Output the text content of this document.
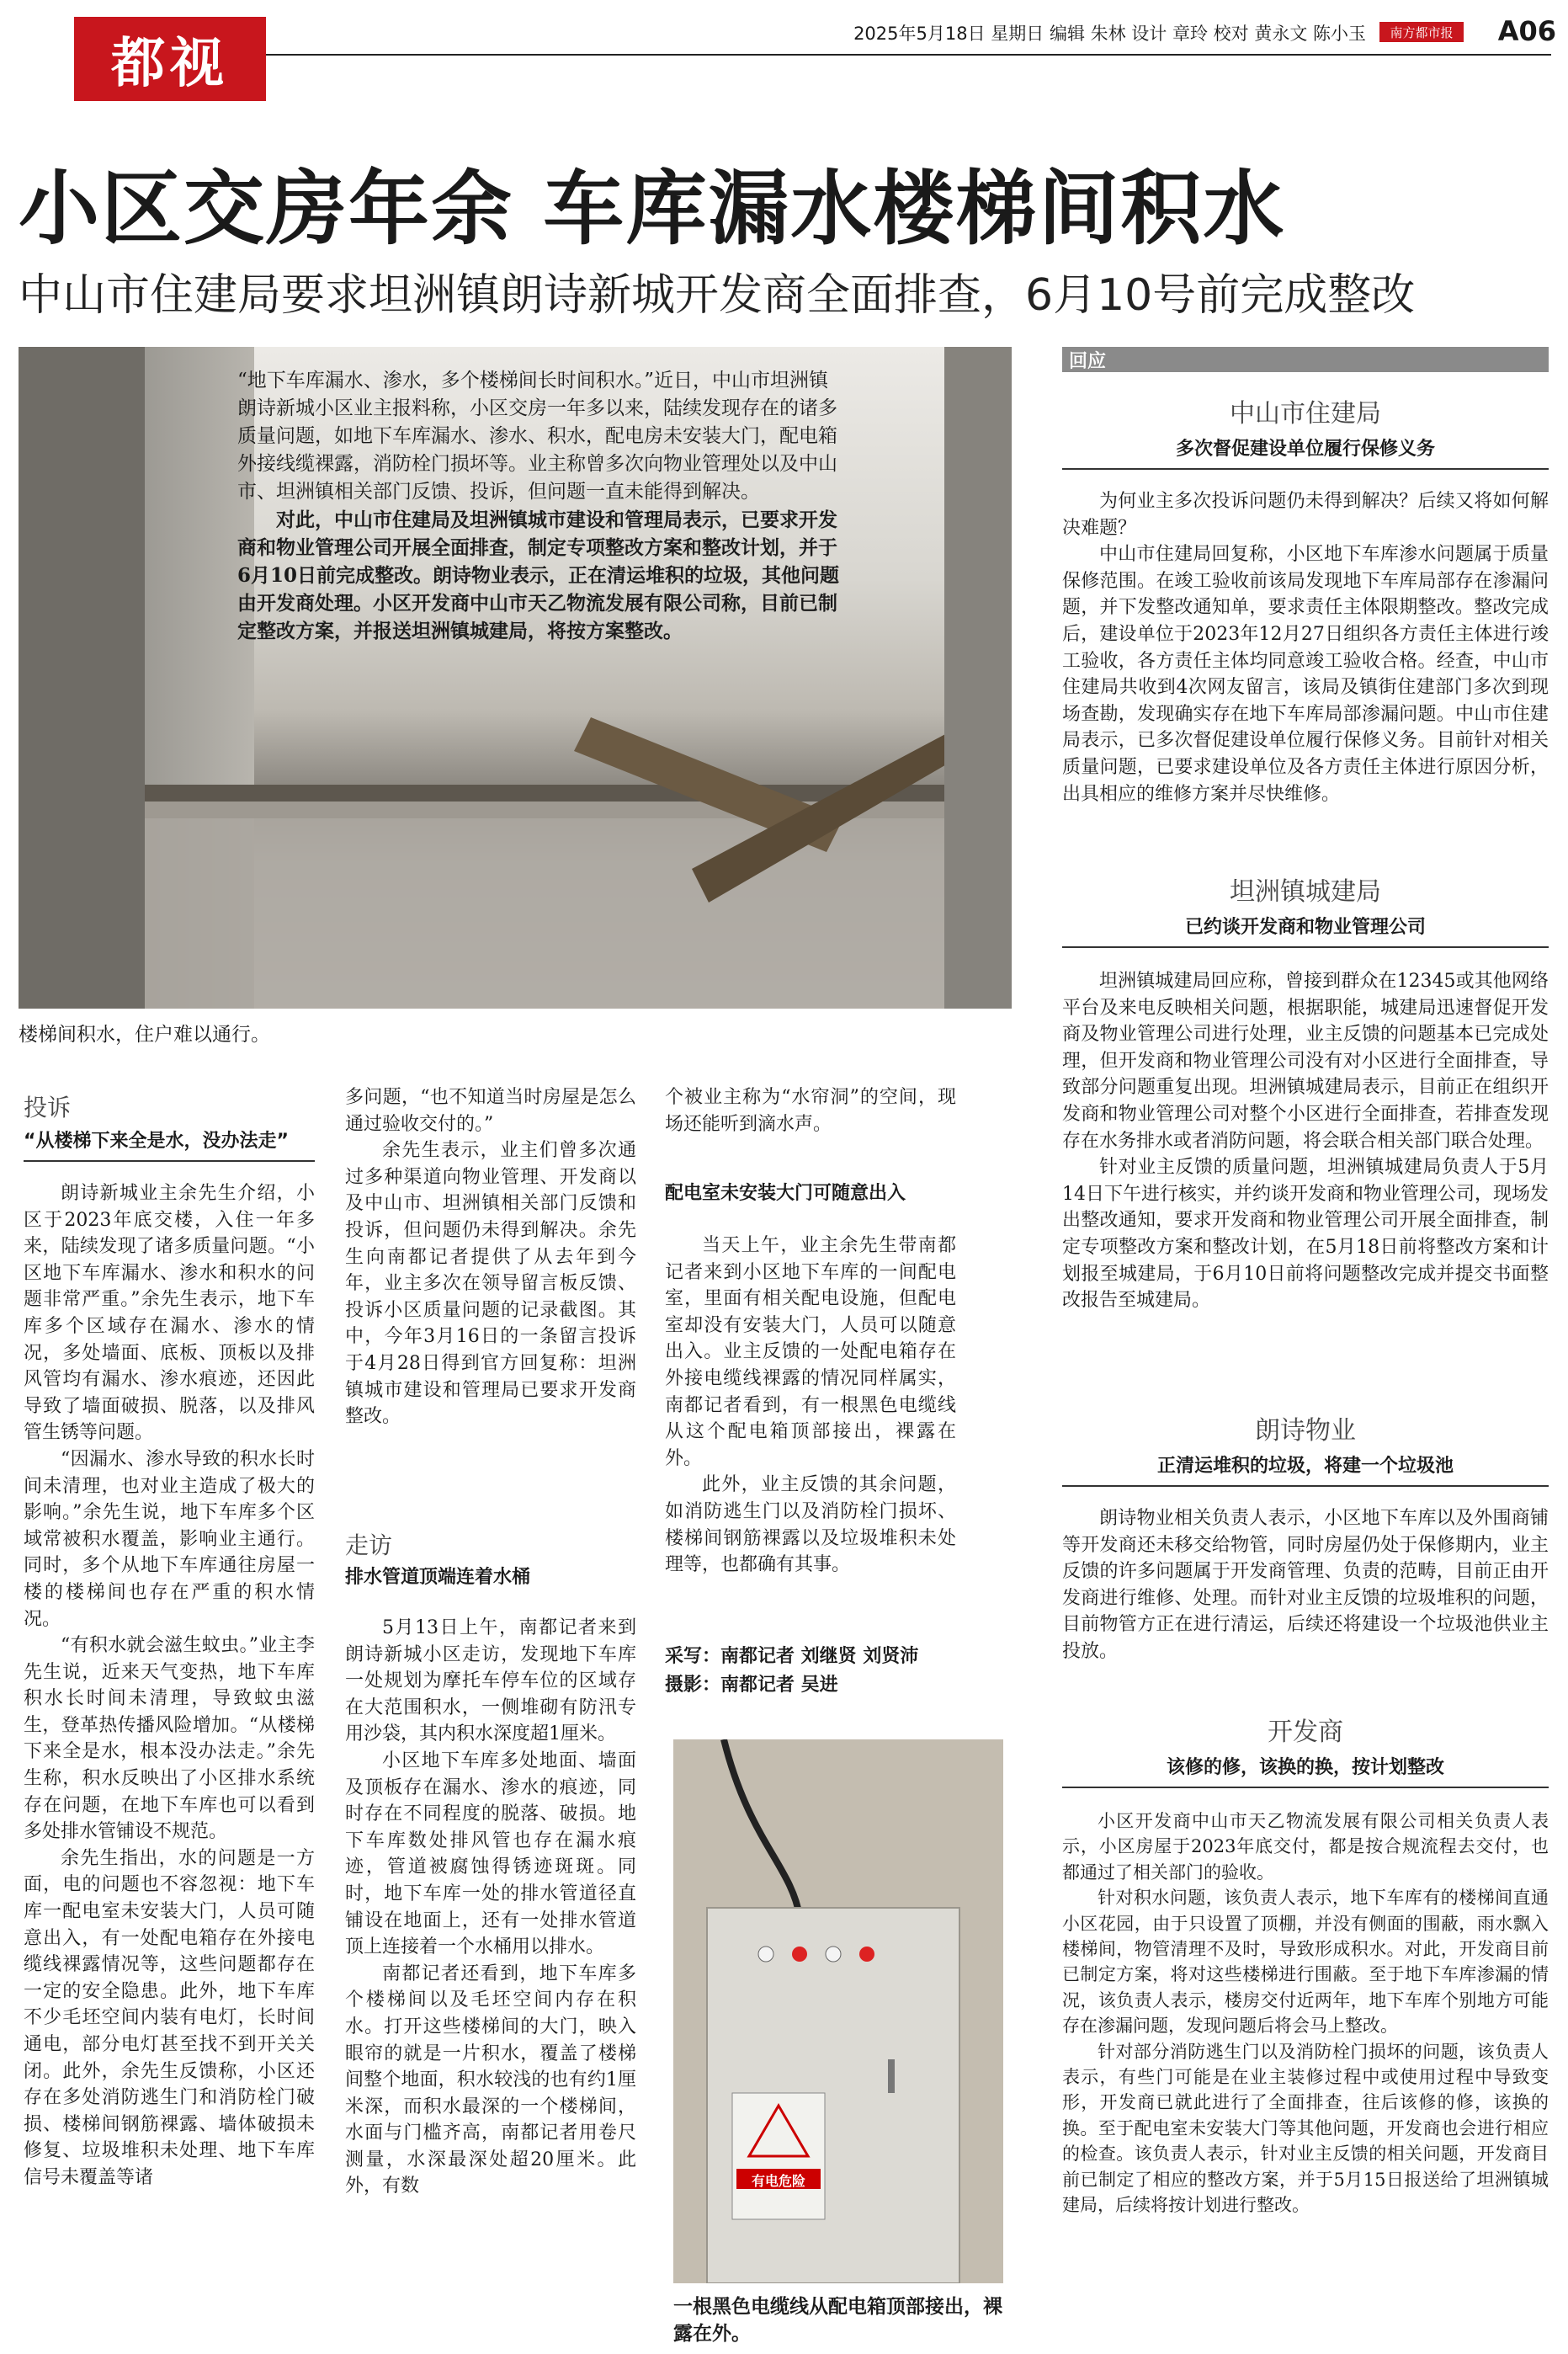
都视	2025年5月18日 星期日 编辑 朱林 设计 章玲 校对 黄永文 陈小玉	南方都市报	A06
小区交房年余 车库漏水楼梯间积水
中山市住建局要求坦洲镇朗诗新城开发商全面排查，6月10号前完成整改

“地下车库漏水、渗水，多个楼梯间长时间积水。”近日，中山市坦洲镇朗诗新城小区业主报料称，小区交房一年多以来，陆续发现存在的诸多质量问题，如地下车库漏水、渗水、积水，配电房未安装大门，配电箱外接线缆裸露，消防栓门损坏等。业主称曾多次向物业管理处以及中山市、坦洲镇相关部门反馈、投诉，但问题一直未能得到解决。

对此，中山市住建局及坦洲镇城市建设和管理局表示，已要求开发商和物业管理公司开展全面排查，制定专项整改方案和整改计划，并于6月10日前完成整改。朗诗物业表示，正在清运堆积的垃圾，其他问题由开发商处理。小区开发商中山市天乙物流发展有限公司称，目前已制定整改方案，并报送坦洲镇城建局，将按方案整改。

楼梯间积水，住户难以通行。
回应
中山市住建局
多次督促建设单位履行保修义务

为何业主多次投诉问题仍未得到解决？后续又将如何解决难题？

中山市住建局回复称，小区地下车库渗水问题属于质量保修范围。在竣工验收前该局发现地下车库局部存在渗漏问题，并下发整改通知单，要求责任主体限期整改。整改完成后，建设单位于2023年12月27日组织各方责任主体进行竣工验收，各方责任主体均同意竣工验收合格。经查，中山市住建局共收到4次网友留言，该局及镇街住建部门多次到现场查勘，发现确实存在地下车库局部渗漏问题。中山市住建局表示，已多次督促建设单位履行保修义务。目前针对相关质量问题，已要求建设单位及各方责任主体进行原因分析，出具相应的维修方案并尽快维修。

坦洲镇城建局
已约谈开发商和物业管理公司

坦洲镇城建局回应称，曾接到群众在12345或其他网络平台及来电反映相关问题，根据职能，城建局迅速督促开发商及物业管理公司进行处理，业主反馈的问题基本已完成处理，但开发商和物业管理公司没有对小区进行全面排查，导致部分问题重复出现。坦洲镇城建局表示，目前正在组织开发商和物业管理公司对整个小区进行全面排查，若排查发现存在水务排水或者消防问题，将会联合相关部门联合处理。

针对业主反馈的质量问题，坦洲镇城建局负责人于5月14日下午进行核实，并约谈开发商和物业管理公司，现场发出整改通知，要求开发商和物业管理公司开展全面排查，制定专项整改方案和整改计划，在5月18日前将整改方案和计划报至城建局，于6月10日前将问题整改完成并提交书面整改报告至城建局。

朗诗物业
正清运堆积的垃圾，将建一个垃圾池

朗诗物业相关负责人表示，小区地下车库以及外围商铺等开发商还未移交给物管，同时房屋仍处于保修期内，业主反馈的许多问题属于开发商管理、负责的范畴，目前正由开发商进行维修、处理。而针对业主反馈的垃圾堆积的问题，目前物管方正在进行清运，后续还将建设一个垃圾池供业主投放。

开发商
该修的修，该换的换，按计划整改

小区开发商中山市天乙物流发展有限公司相关负责人表示，小区房屋于2023年底交付，都是按合规流程去交付，也都通过了相关部门的验收。

针对积水问题，该负责人表示，地下车库有的楼梯间直通小区花园，由于只设置了顶棚，并没有侧面的围蔽，雨水飘入楼梯间，物管清理不及时，导致形成积水。对此，开发商目前已制定方案，将对这些楼梯进行围蔽。至于地下车库渗漏的情况，该负责人表示，楼房交付近两年，地下车库个别地方可能存在渗漏问题，发现问题后将会马上整改。

针对部分消防逃生门以及消防栓门损坏的问题，该负责人表示，有些门可能是在业主装修过程中或使用过程中导致变形，开发商已就此进行了全面排查，往后该修的修，该换的换。至于配电室未安装大门等其他问题，开发商也会进行相应的检查。该负责人表示，针对业主反馈的相关问题，开发商目前已制定了相应的整改方案，并于5月15日报送给了坦洲镇城建局，后续将按计划进行整改。

投诉
“从楼梯下来全是水，没办法走”

朗诗新城业主余先生介绍，小区于2023年底交楼，入住一年多来，陆续发现了诸多质量问题。“小区地下车库漏水、渗水和积水的问题非常严重。”余先生表示，地下车库多个区域存在漏水、渗水的情况，多处墙面、底板、顶板以及排风管均有漏水、渗水痕迹，还因此导致了墙面破损、脱落，以及排风管生锈等问题。

“因漏水、渗水导致的积水长时间未清理，也对业主造成了极大的影响。”余先生说，地下车库多个区域常被积水覆盖，影响业主通行。同时，多个从地下车库通往房屋一楼的楼梯间也存在严重的积水情况。

“有积水就会滋生蚊虫。”业主李先生说，近来天气变热，地下车库积水长时间未清理，导致蚊虫滋生，登革热传播风险增加。“从楼梯下来全是水，根本没办法走。”余先生称，积水反映出了小区排水系统存在问题，在地下车库也可以看到多处排水管铺设不规范。

余先生指出，水的问题是一方面，电的问题也不容忽视：地下车库一配电室未安装大门，人员可随意出入，有一处配电箱存在外接电缆线裸露情况等，这些问题都存在一定的安全隐患。此外，地下车库不少毛坯空间内装有电灯，长时间通电，部分电灯甚至找不到开关关闭。此外，余先生反馈称，小区还存在多处消防逃生门和消防栓门破损、楼梯间钢筋裸露、墙体破损未修复、垃圾堆积未处理、地下车库信号未覆盖等诸

多问题，“也不知道当时房屋是怎么通过验收交付的。”

余先生表示，业主们曾多次通过多种渠道向物业管理、开发商以及中山市、坦洲镇相关部门反馈和投诉，但问题仍未得到解决。余先生向南都记者提供了从去年到今年，业主多次在领导留言板反馈、投诉小区质量问题的记录截图。其中，今年3月16日的一条留言投诉于4月28日得到官方回复称：坦洲镇城市建设和管理局已要求开发商整改。

走访
排水管道顶端连着水桶

5月13日上午，南都记者来到朗诗新城小区走访，发现地下车库一处规划为摩托车停车位的区域存在大范围积水，一侧堆砌有防汛专用沙袋，其内积水深度超1厘米。

小区地下车库多处地面、墙面及顶板存在漏水、渗水的痕迹，同时存在不同程度的脱落、破损。地下车库数处排风管也存在漏水痕迹，管道被腐蚀得锈迹斑斑。同时，地下车库一处的排水管道径直铺设在地面上，还有一处排水管道顶上连接着一个水桶用以排水。

南都记者还看到，地下车库多个楼梯间以及毛坯空间内存在积水。打开这些楼梯间的大门，映入眼帘的就是一片积水，覆盖了楼梯间整个地面，积水较浅的也有约1厘米深，而积水最深的一个楼梯间，水面与门槛齐高，南都记者用卷尺测量，水深最深处超20厘米。此外，有数

个被业主称为“水帘洞”的空间，现场还能听到滴水声。

配电室未安装大门可随意出入

当天上午，业主余先生带南都记者来到小区地下车库的一间配电室，里面有相关配电设施，但配电室却没有安装大门，人员可以随意出入。业主反馈的一处配电箱存在外接电缆线裸露的情况同样属实，南都记者看到，有一根黑色电缆线从这个配电箱顶部接出，裸露在外。

此外，业主反馈的其余问题，如消防逃生门以及消防栓门损坏、楼梯间钢筋裸露以及垃圾堆积未处理等，也都确有其事。

采写：南都记者 刘继贤 刘贤沛
摄影：南都记者 吴进
有电危险
一根黑色电缆线从配电箱顶部接出，裸露在外。
